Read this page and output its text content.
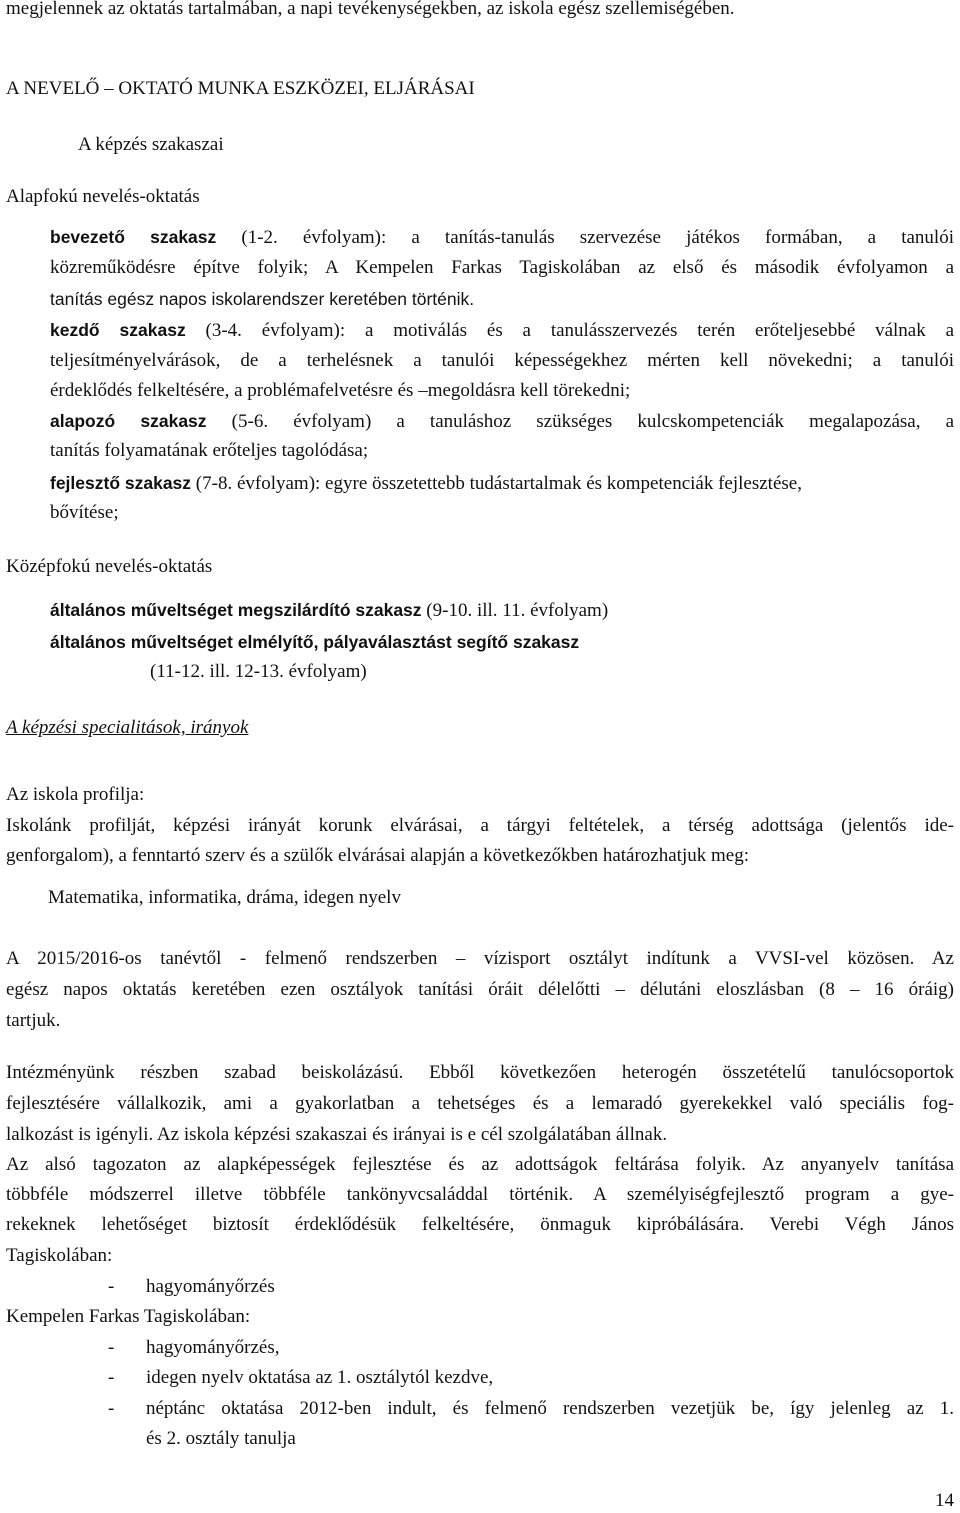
megjelennek az oktatás tartalmában, a napi tevékenységekben, az iskola egész szellemiségében.
A NEVELŐ – OKTATÓ MUNKA ESZKÖZEI, ELJÁRÁSAI
A képzés szakaszai
Alapfokú nevelés-oktatás
bevezető szakasz (1-2. évfolyam): a tanítás-tanulás szervezése játékos formában, a tanulói
közreműködésre építve folyik; A Kempelen Farkas Tagiskolában az első és második évfolyamon a
tanítás egész napos iskolarendszer keretében történik.
kezdő szakasz (3-4. évfolyam): a motiválás és a tanulásszervezés terén erőteljesebbé válnak a
teljesítményelvárások, de a terhelésnek a tanulói képességekhez mérten kell növekedni; a tanulói
érdeklődés felkeltésére, a problémafelvetésre és –megoldásra kell törekedni;
alapozó szakasz (5-6. évfolyam) a tanuláshoz szükséges kulcskompetenciák megalapozása, a
tanítás folyamatának erőteljes tagolódása;
fejlesztő szakasz (7-8. évfolyam): egyre összetettebb tudástartalmak és kompetenciák fejlesztése,
bővítése;
Középfokú nevelés-oktatás
általános műveltséget megszilárdító szakasz (9-10. ill. 11. évfolyam)
általános műveltséget elmélyítő, pályaválasztást segítő szakasz
(11-12. ill. 12-13. évfolyam)
A képzési specialitások, irányok
Az iskola profilja:
Iskolánk profilját, képzési irányát korunk elvárásai, a tárgyi feltételek, a térség adottsága (jelentős ide-
genforgalom), a fenntartó szerv és a szülők elvárásai alapján a következőkben határozhatjuk meg:
Matematika, informatika, dráma, idegen nyelv
A 2015/2016-os tanévtől - felmenő rendszerben – vízisport osztályt indítunk a VVSI-vel közösen. Az
egész napos oktatás keretében ezen osztályok tanítási óráit délelőtti – délutáni eloszlásban (8 – 16 óráig)
tartjuk.
Intézményünk részben szabad beiskolázású. Ebből következően heterogén összetételű tanulócsoportok
fejlesztésére vállalkozik, ami a gyakorlatban a tehetséges és a lemaradó gyerekekkel való speciális fog-
lalkozást is igényli. Az iskola képzési szakaszai és irányai is e cél szolgálatában állnak.
Az alsó tagozaton az alapképességek fejlesztése és az adottságok feltárása folyik. Az anyanyelv tanítása
többféle módszerrel illetve többféle tankönyvcsaláddal történik. A személyiségfejlesztő program a gye-
rekeknek lehetőséget biztosít érdeklődésük felkeltésére, önmaguk kipróbálására. Verebi Végh János
Tagiskolában:
- hagyományőrzés
Kempelen Farkas Tagiskolában:
- hagyományőrzés,
- idegen nyelv oktatása az 1. osztálytól kezdve,
- néptánc oktatása 2012-ben indult, és felmenő rendszerben vezetjük be, így jelenleg az 1.
és 2. osztály tanulja
14
